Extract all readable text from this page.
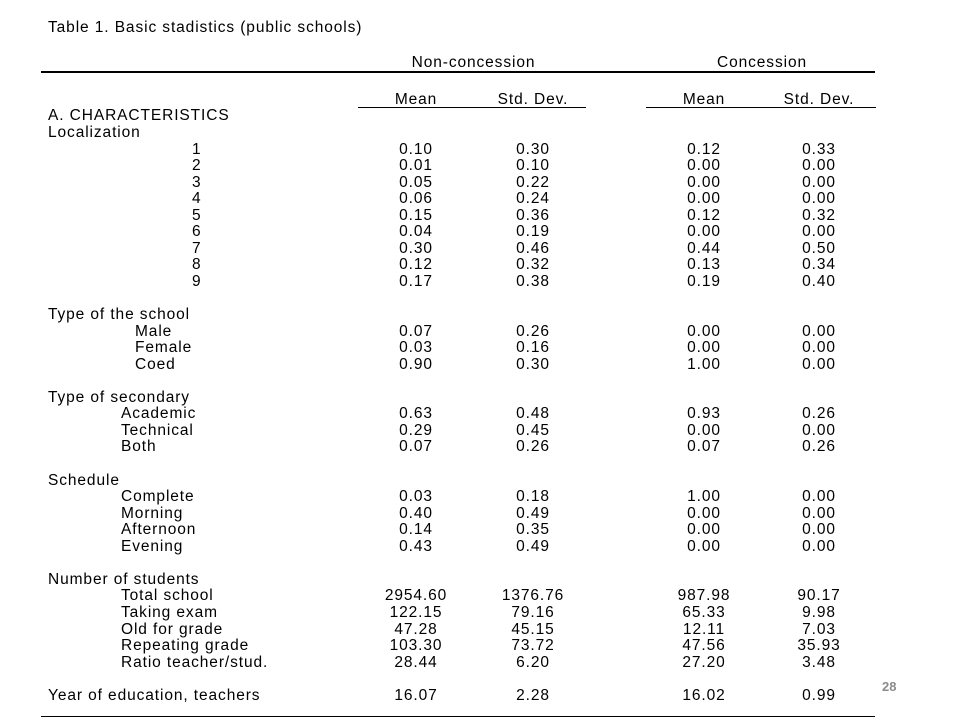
Table 1. Basic stadistics (public schools)
Non-concession	Concession
Mean	Std. Dev.	Mean	Std. Dev.
A. CHARACTERISTICS
Localization
1	0.10	0.30	0.12	0.33
2	0.01	0.10	0.00	0.00
3	0.05	0.22	0.00	0.00
4	0.06	0.24	0.00	0.00
5	0.15	0.36	0.12	0.32
6	0.04	0.19	0.00	0.00
7	0.30	0.46	0.44	0.50
8	0.12	0.32	0.13	0.34
9	0.17	0.38	0.19	0.40
Type of the school
Male	0.07	0.26	0.00	0.00
Female	0.03	0.16	0.00	0.00
Coed	0.90	0.30	1.00	0.00
Type of secondary
Academic	0.63	0.48	0.93	0.26
Technical	0.29	0.45	0.00	0.00
Both	0.07	0.26	0.07	0.26
Schedule
Complete	0.03	0.18	1.00	0.00
Morning	0.40	0.49	0.00	0.00
Afternoon	0.14	0.35	0.00	0.00
Evening	0.43	0.49	0.00	0.00
Number of students
Total school	2954.60	1376.76	987.98	90.17
Taking exam	122.15	79.16	65.33	9.98
Old for grade	47.28	45.15	12.11	7.03
Repeating grade	103.30	73.72	47.56	35.93
Ratio teacher/stud.	28.44	6.20	27.20	3.48
Year of education, teachers	16.07	2.28	16.02	0.99
28
